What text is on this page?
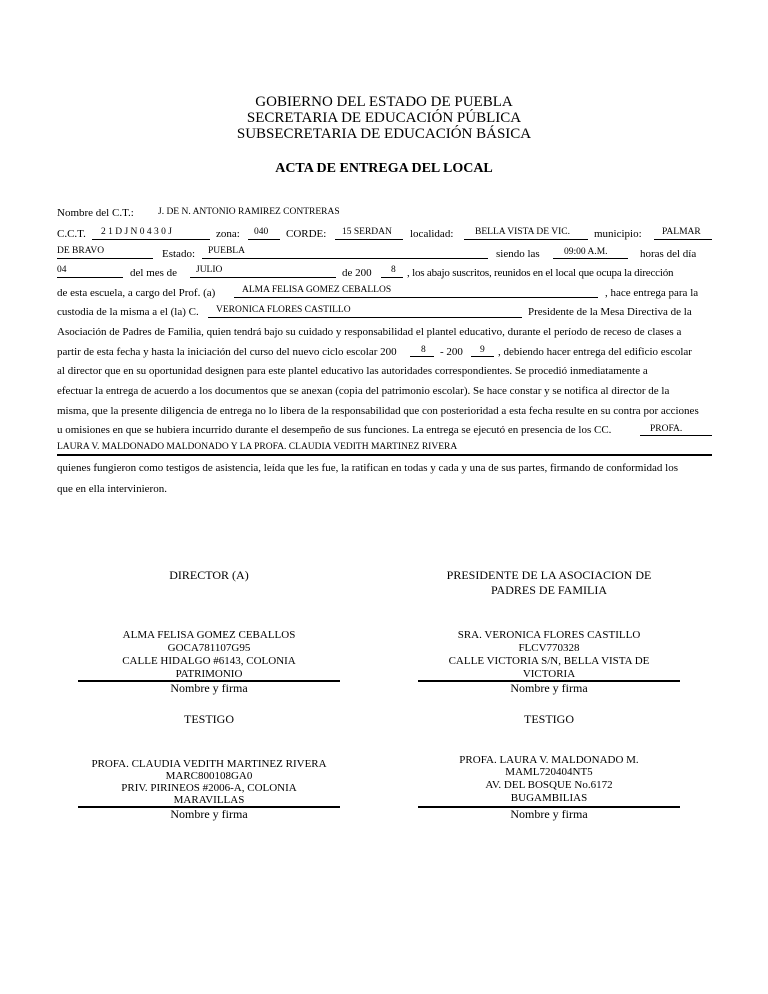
GOBIERNO DEL ESTADO DE PUEBLA
SECRETARIA DE EDUCACIÓN PÚBLICA
SUBSECRETARIA DE EDUCACIÓN BÁSICA
ACTA DE ENTREGA DEL LOCAL
Nombre del C.T.:	J. DE N. ANTONIO RAMIREZ CONTRERAS
C.C.T. 2 1 D J N 0 4 3 0 J	zona: 040 CORDE: 15 SERDAN localidad: BELLA VISTA DE VIC. municipio: PALMAR
DE BRAVO	Estado: PUEBLA	siendo las	09:00 A.M.	horas del día
04	del mes de JULIO	de 200 8 , los abajo suscritos, reunidos en el local que ocupa la dirección
de esta escuela, a cargo del Prof. (a)	ALMA FELISA GOMEZ CEBALLOS	, hace entrega para la
custodia de la misma a el (la) C. VERONICA FLORES CASTILLO	Presidente de la Mesa Directiva de la
Asociación de Padres de Familia, quien tendrá bajo su cuidado y responsabilidad el plantel educativo, durante el período de receso de clases a
partir de esta fecha y hasta la iniciación del curso del nuevo ciclo escolar 200	8 - 200 9 , debiendo hacer entrega del edificio escolar
al director que en su oportunidad designen para este plantel educativo las autoridades correspondientes. Se procedió inmediatamente a
efectuar la entrega de acuerdo a los documentos que se anexan (copia del patrimonio escolar). Se hace constar y se notifica al director de la
misma, que la presente diligencia de entrega no lo libera de la responsabilidad que con posterioridad a esta fecha resulte en su contra por acciones
u omisiones en que se hubiera incurrido durante el desempeño de sus funciones. La entrega se ejecutó en presencia de los CC.	PROFA.
LAURA V. MALDONADO MALDONADO Y LA PROFA. CLAUDIA VEDITH MARTINEZ RIVERA
quienes fungieron como testigos de asistencia, leída que les fue, la ratifican en todas y cada y una de sus partes, firmando de conformidad los
que en ella intervinieron.
DIRECTOR (A)
ALMA FELISA GOMEZ CEBALLOS
GOCA781107G95
CALLE HIDALGO #6143, COLONIA
PATRIMONIO
Nombre y firma
PRESIDENTE DE LA ASOCIACION DE
PADRES DE FAMILIA
SRA. VERONICA FLORES CASTILLO
FLCV770328
CALLE VICTORIA S/N, BELLA VISTA DE
VICTORIA
Nombre y firma
TESTIGO
PROFA. CLAUDIA VEDITH MARTINEZ RIVERA
MARC800108GA0
PRIV. PIRINEOS #2006-A, COLONIA
MARAVILLAS
Nombre y firma
TESTIGO
PROFA. LAURA V. MALDONADO M.
MAML720404NT5
AV. DEL BOSQUE No.6172
BUGAMBILIAS
Nombre y firma
